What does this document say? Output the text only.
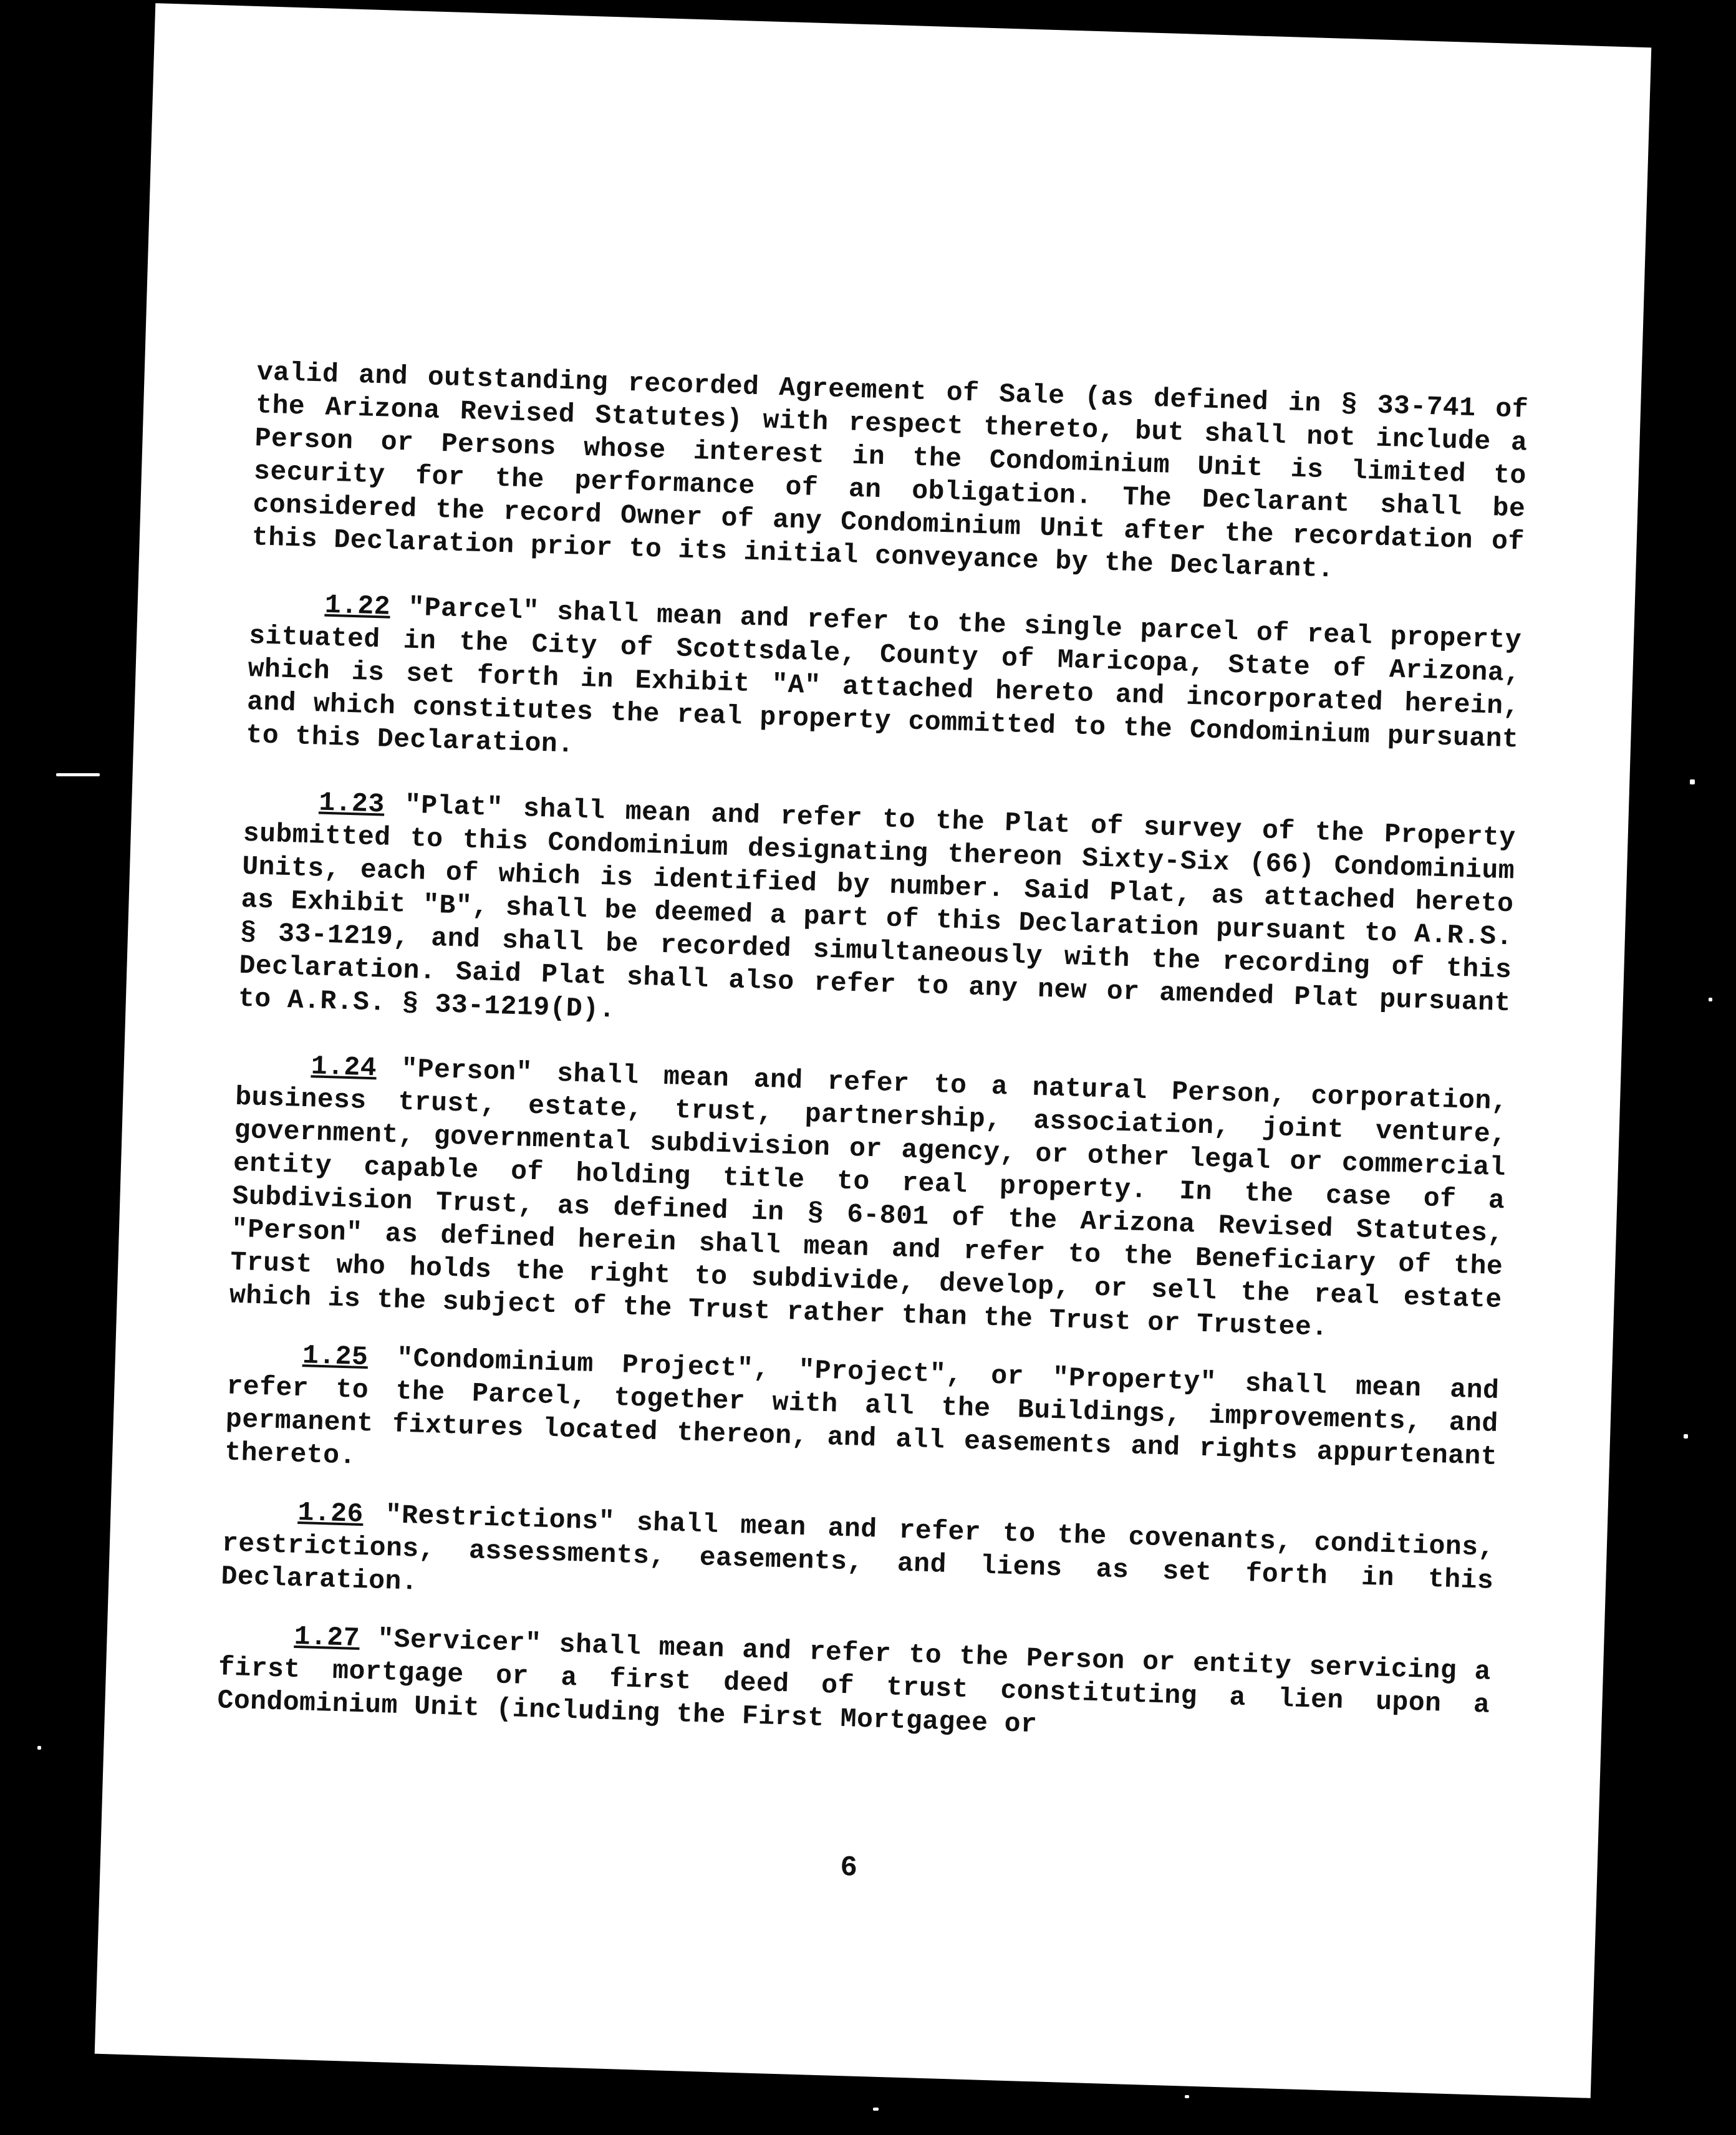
valid and outstanding recorded Agreement of Sale (as defined in § 33-741 of the Arizona Revised Statutes) with respect thereto, but shall not include a Person or Persons whose interest in the Condominium Unit is limited to security for the performance of an obligation. The Declarant shall be considered the record Owner of any Condominium Unit after the recordation of this Declaration prior to its initial conveyance by the Declarant.

1.22 "Parcel" shall mean and refer to the single parcel of real property situated in the City of Scottsdale, County of Maricopa, State of Arizona, which is set forth in Exhibit "A" attached hereto and incorporated herein, and which constitutes the real property committed to the Condominium pursuant to this Declaration.

1.23 "Plat" shall mean and refer to the Plat of survey of the Property submitted to this Condominium designating thereon Sixty-Six (66) Condominium Units, each of which is identified by number. Said Plat, as attached hereto as Exhibit "B", shall be deemed a part of this Declaration pursuant to A.R.S. § 33-1219, and shall be recorded simultaneously with the recording of this Declaration. Said Plat shall also refer to any new or amended Plat pursuant to A.R.S. § 33-1219(D).

1.24 "Person" shall mean and refer to a natural Person, corporation, business trust, estate, trust, partnership, association, joint venture, government, governmental subdivision or agency, or other legal or commercial entity capable of holding title to real property. In the case of a Subdivision Trust, as defined in § 6-801 of the Arizona Revised Statutes, "Person" as defined herein shall mean and refer to the Beneficiary of the Trust who holds the right to subdivide, develop, or sell the real estate which is the subject of the Trust rather than the Trust or Trustee.

1.25 "Condominium Project", "Project", or "Property" shall mean and refer to the Parcel, together with all the Buildings, improvements, and permanent fixtures located thereon, and all easements and rights appurtenant thereto.

1.26 "Restrictions" shall mean and refer to the covenants, conditions, restrictions, assessments, easements, and liens as set forth in this Declaration.

1.27 "Servicer" shall mean and refer to the Person or entity servicing a first mortgage or a first deed of trust constituting a lien upon a Condominium Unit (including the First Mortgagee or

6
